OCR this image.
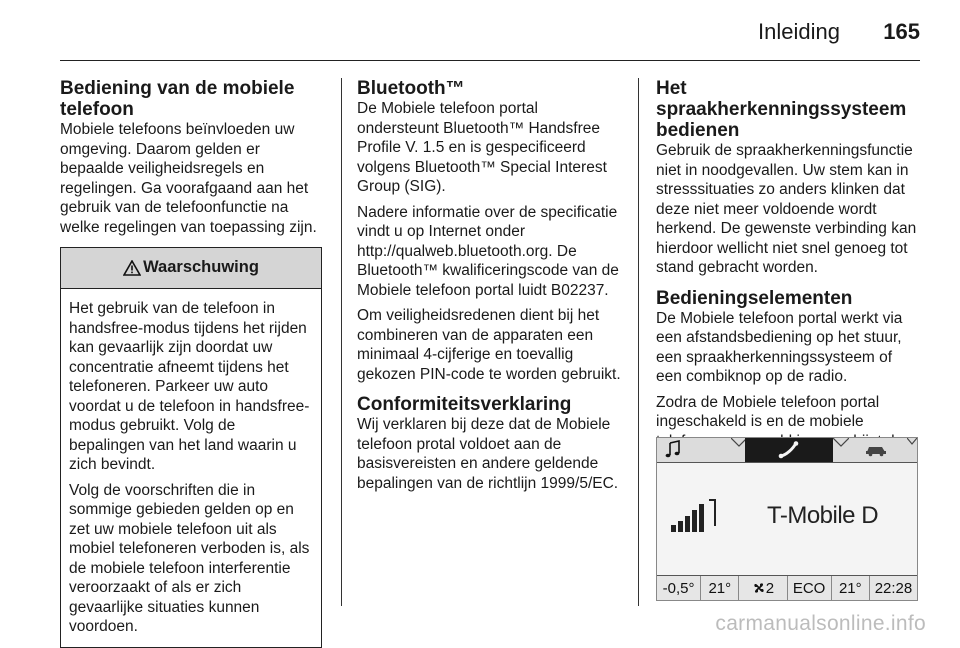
Inleiding 165
Bediening van de mobiele telefoon

Mobiele telefoons beïnvloeden uw omgeving. Daarom gelden er bepaalde veiligheidsregels en regelingen. Ga voorafgaand aan het gebruik van de telefoonfunctie na welke regelingen van toepassing zijn.

Waarschuwing

Het gebruik van de telefoon in handsfree-modus tijdens het rijden kan gevaarlijk zijn doordat uw concentratie afneemt tijdens het telefoneren. Parkeer uw auto voordat u de telefoon in handsfree-modus gebruikt. Volg de bepalingen van het land waarin u zich bevindt.

Volg de voorschriften die in sommige gebieden gelden op en zet uw mobiele telefoon uit als mobiel telefoneren verboden is, als de mobiele telefoon interferentie veroorzaakt of als er zich gevaarlijke situaties kunnen voordoen.

Bluetooth™

De Mobiele telefoon portal ondersteunt Bluetooth™ Handsfree Profile V. 1.5 en is gespecificeerd volgens Bluetooth™ Special Interest Group (SIG).

Nadere informatie over de specificatie vindt u op Internet onder http://qualweb.bluetooth.org. De Bluetooth™ kwalificeringscode van de Mobiele telefoon portal luidt B02237.

Om veiligheidsredenen dient bij het combineren van de apparaten een minimaal 4-cijferige en toevallig gekozen PIN-code te worden gebruikt.

Conformiteitsverklaring

Wij verklaren bij deze dat de Mobiele telefoon protal voldoet aan de basisvereisten en andere geldende bepalingen van de richtlijn 1999/5/EC.

Het spraakherkenningssysteem bedienen

Gebruik de spraakherkenningsfunctie niet in noodgevallen. Uw stem kan in stresssituaties zo anders klinken dat deze niet meer voldoende wordt herkend. De gewenste verbinding kan hierdoor wellicht niet snel genoeg tot stand gebracht worden.

Bedieningselementen

De Mobiele telefoon portal werkt via een afstandsbediening op het stuur, een spraakherkenningssysteem of een combiknop op de radio.

Zodra de Mobiele telefoon portal ingeschakeld is en de mobiele

T-Mobile D
-0,5° 21°	2	ECO 21° 22:28
carmanualsonline.info
